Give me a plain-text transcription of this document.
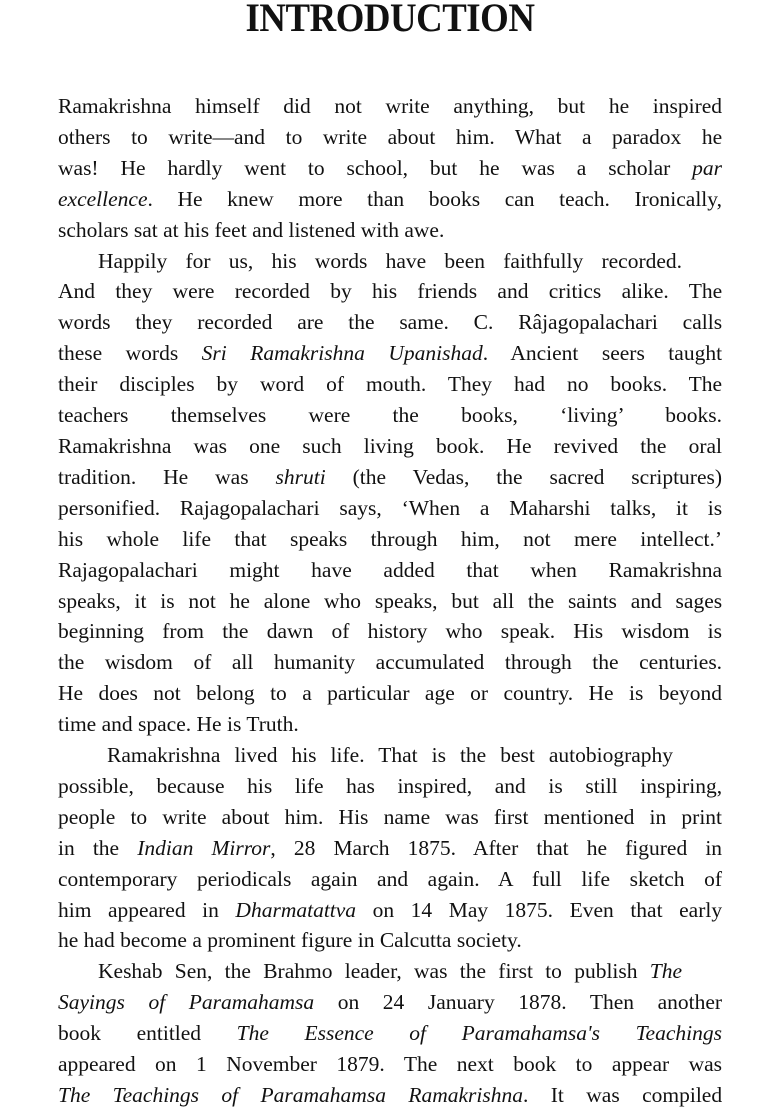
INTRODUCTION
Ramakrishna himself did not write anything, but he inspired
others to write—and to write about him. What a paradox he
was! He hardly went to school, but he was a scholar par
excellence. He knew more than books can teach. Ironically,
scholars sat at his feet and listened with awe.
Happily for us, his words have been faithfully recorded.
And they were recorded by his friends and critics alike. The
words they recorded are the same. C. Râjagopalachari calls
these words Sri Ramakrishna Upanishad. Ancient seers taught
their disciples by word of mouth. They had no books. The
teachers themselves were the books, ‘living’ books.
Ramakrishna was one such living book. He revived the oral
tradition. He was shruti (the Vedas, the sacred scriptures)
personified. Rajagopalachari says, ‘When a Maharshi talks, it is
his whole life that speaks through him, not mere intellect.’
Rajagopalachari might have added that when Ramakrishna
speaks, it is not he alone who speaks, but all the saints and sages
beginning from the dawn of history who speak. His wisdom is
the wisdom of all humanity accumulated through the centuries.
He does not belong to a particular age or country. He is beyond
time and space. He is Truth.
Ramakrishna lived his life. That is the best autobiography
possible, because his life has inspired, and is still inspiring,
people to write about him. His name was first mentioned in print
in the Indian Mirror, 28 March 1875. After that he figured in
contemporary periodicals again and again. A full life sketch of
him appeared in Dharmatattva on 14 May 1875. Even that early
he had become a prominent figure in Calcutta society.
Keshab Sen, the Brahmo leader, was the first to publish The
Sayings of Paramahamsa on 24 January 1878. Then another
book entitled The Essence of Paramahamsa's Teachings
appeared on 1 November 1879. The next book to appear was
The Teachings of Paramahamsa Ramakrishna. It was compiled
